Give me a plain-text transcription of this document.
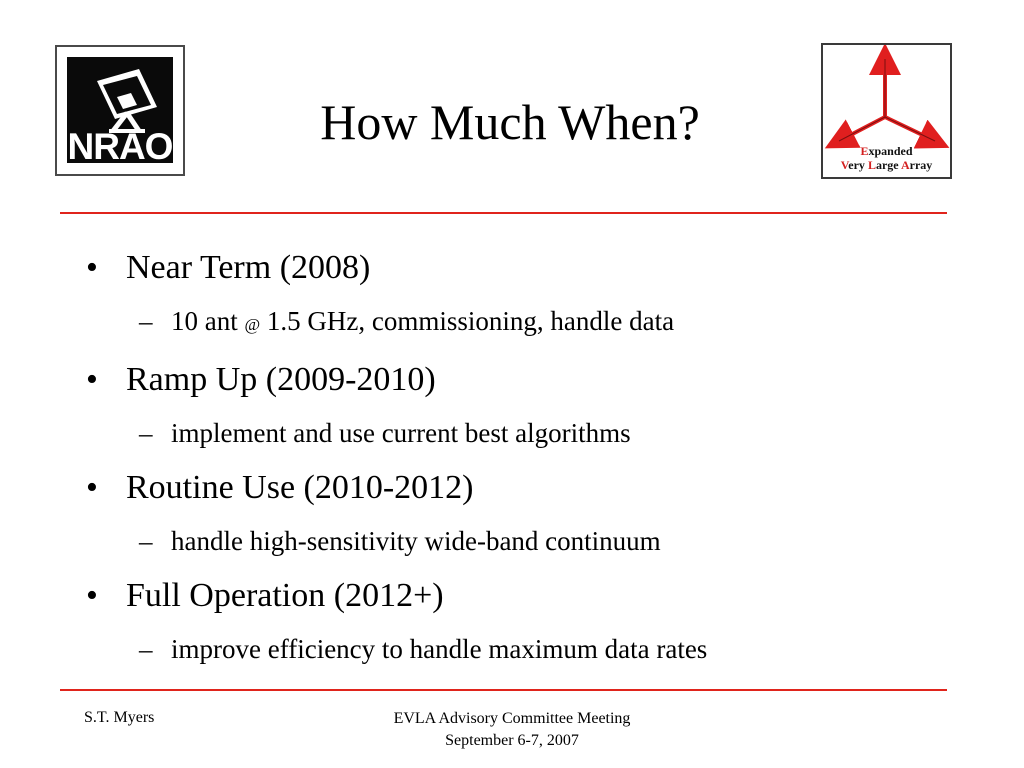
NRAO	How Much When?
Expanded
Very Large Array
• Near Term (2008)
– 10 ant @ 1.5 GHz, commissioning, handle data
• Ramp Up (2009-2010)
– implement and use current best algorithms
• Routine Use (2010-2012)
– handle high-sensitivity wide-band continuum
• Full Operation (2012+)
– improve efficiency to handle maximum data rates
S.T. Myers	EVLA Advisory Committee Meeting
September 6-7, 2007
